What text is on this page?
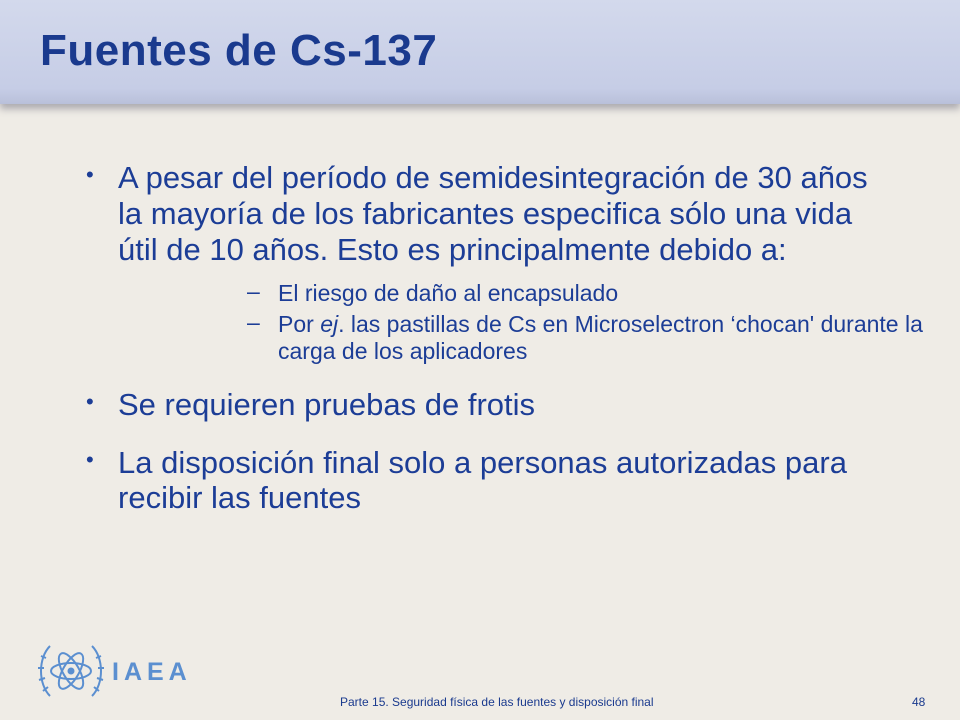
Fuentes de Cs-137
• A pesar del período de semidesintegración de 30 años la mayoría de los fabricantes especifica sólo una vida útil de 10 años. Esto es principalmente debido a:
– El riesgo de daño al encapsulado
– Por ej. las pastillas de Cs en Microselectron ‘chocan' durante la carga de los aplicadores
• Se requieren pruebas de frotis
• La disposición final solo a personas autorizadas para recibir las fuentes
IAEA
Parte 15. Seguridad física de las fuentes y disposición final	48
